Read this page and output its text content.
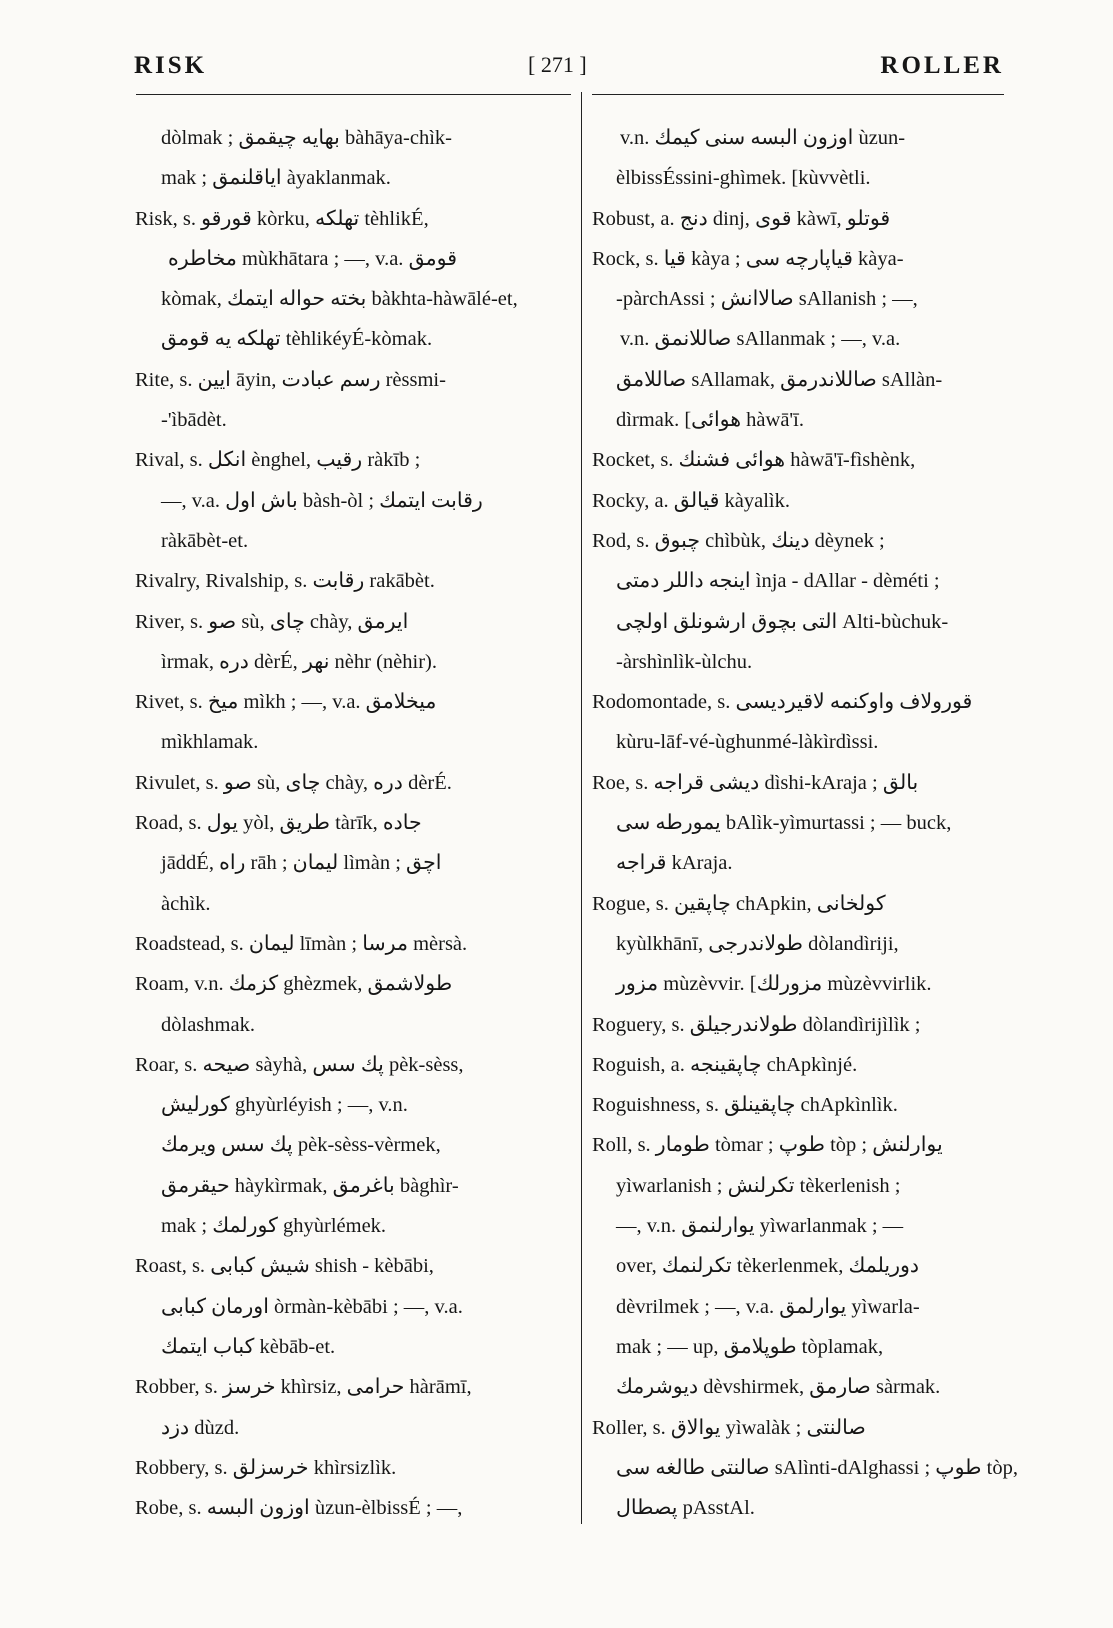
RISK	[ 271 ]	ROLLER
dòlmak ; بهایه چیقمق bàhāya-chìk-
mak ; ایاقلنمق àyaklanmak.
Risk, s. قورقو kòrku, تهلکه tèhlikÉ,
مخاطره mùkhātara ; —, v.a. قومق
kòmak, بخته حواله ایتمك bàkhta-hàwālé-et,
تهلکه یه قومق tèhlikéyÉ-kòmak.
Rite, s. ایین āyin, رسم عبادت rèssmi-
-'ìbādèt.
Rival, s. انکل ènghel, رقیب ràkīb ;
—, v.a. باش اول bàsh-òl ; رقابت ایتمك
ràkābèt-et.
Rivalry, Rivalship, s. رقابت rakābèt.
River, s. صو sù, چای chày, ایرمق
ìrmak, دره dèrÉ, نهر nèhr (nèhir).
Rivet, s. میخ mìkh ; —, v.a. میخلامق
mìkhlamak.
Rivulet, s. صو sù, چای chày, دره dèrÉ.
Road, s. یول yòl, طریق tàrīk, جاده
jāddÉ, راه rāh ; لیمان lìmàn ; اچق
àchìk.
Roadstead, s. لیمان līmàn ; مرسا mèrsà.
Roam, v.n. کزمك ghèzmek, طولاشمق
dòlashmak.
Roar, s. صیحه sàyhà, پك سس pèk-sèss,
کورلیش ghyùrléyish ; —, v.n.
پك سس ویرمك pèk-sèss-vèrmek,
حیقرمق hàykìrmak, باغرمق bàghìr-
mak ; کورلمك ghyùrlémek.
Roast, s. شیش کبابی shish - kèbābi,
اورمان کبابی òrmàn-kèbābi ; —, v.a.
کباب ایتمك kèbāb-et.
Robber, s. خرسز khìrsiz, حرامی hàrāmī,
دزد dùzd.
Robbery, s. خرسزلق khìrsizlìk.
Robe, s. اوزون البسه ùzun-èlbissÉ ; —,
v.n. اوزون البسه سنی کیمك ùzun-
èlbissÉssini-ghìmek. [kùvvètli.
Robust, a. دنج dinj, قوی kàwī, قوتلو
Rock, s. قیا kàya ; قیاپارچه سی kàya-
-pàrchAssi ; صالاانش sAllanish ; —,
v.n. صاللانمق sAllanmak ; —, v.a.
صاللامق sAllamak, صاللاندرمق sAllàn-
dìrmak. [هوائی hàwā'ī.
Rocket, s. هوائی فشنك hàwā'ī-fìshènk,
Rocky, a. قیالق kàyalìk.
Rod, s. چبوق chìbùk, دینك dèynek ;
اینجه داللر دمتی ìnja - dAllar - dèméti ;
التی بچوق ارشونلق اولچی Alti-bùchuk-
-àrshìnlìk-ùlchu.
Rodomontade, s. قورولاف واوکنمه لاقیردیسی
kùru-lāf-vé-ùghunmé-làkìrdìssi.
Roe, s. دیشی قراجه dìshi-kAraja ; بالق
یمورطه سی bAlìk-yìmurtassi ; — buck,
قراجه kAraja.
Rogue, s. چاپقین chApkin, کولخانی
kyùlkhānī, طولاندرجی dòlandìriji,
مزور mùzèvvir. [مزورلك mùzèvvirlik.
Roguery, s. طولاندرجیلق dòlandìrijìlìk ;
Roguish, a. چاپقینجه chApkìnjé.
Roguishness, s. چاپقینلق chApkìnlìk.
Roll, s. طومار tòmar ; طوپ tòp ; یوارلنش
yìwarlanish ; تکرلنش tèkerlenish ;
—, v.n. یوارلنمق yìwarlanmak ; —
over, تکرلنمك tèkerlenmek, دوریلمك
dèvrilmek ; —, v.a. یوارلمق yìwarla-
mak ; — up, طوپلامق tòplamak,
دیوشرمك dèvshirmek, صارمق sàrmak.
Roller, s. یوالاق yìwalàk ; صالنتی
صالنتی طالغه سی sAlìnti-dAlghassi ; طوپ tòp,
پصطال pAsstAl.
